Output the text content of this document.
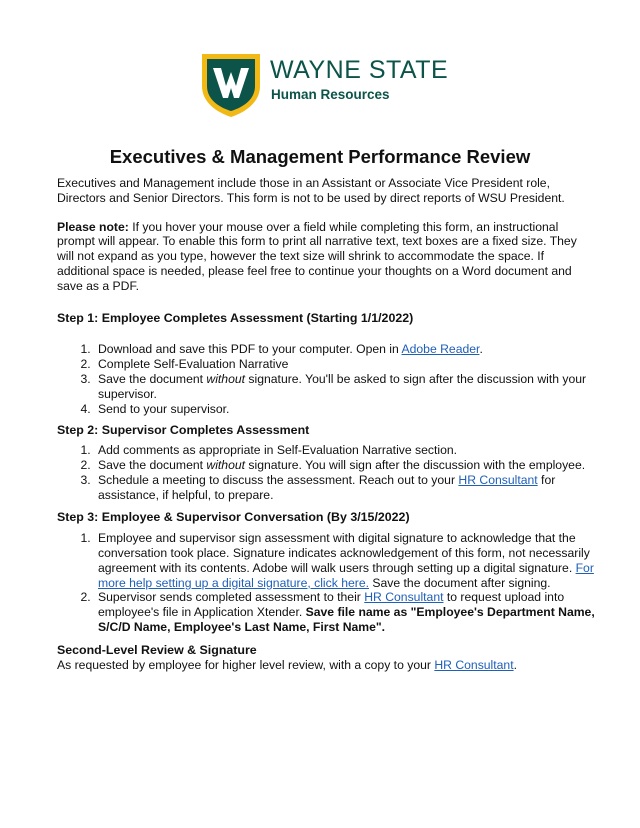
WAYNE STATE
Human Resources
Executives & Management Performance Review

Executives and Management include those in an Assistant or Associate Vice President role, Directors and Senior Directors. This form is not to be used by direct reports of WSU President.

Please note: If you hover your mouse over a field while completing this form, an instructional prompt will appear. To enable this form to print all narrative text, text boxes are a fixed size. They will not expand as you type, however the text size will shrink to accommodate the space. If additional space is needed, please feel free to continue your thoughts on a Word document and save as a PDF.

Step 1: Employee Completes Assessment (Starting 1/1/2022)

1. Download and save this PDF to your computer. Open in Adobe Reader.
2. Complete Self-Evaluation Narrative
3. Save the document without signature. You'll be asked to sign after the discussion with your supervisor.
4. Send to your supervisor.

Step 2: Supervisor Completes Assessment

1. Add comments as appropriate in Self-Evaluation Narrative section.
2. Save the document without signature. You will sign after the discussion with the employee.
3. Schedule a meeting to discuss the assessment. Reach out to your HR Consultant for assistance, if helpful, to prepare.

Step 3: Employee & Supervisor Conversation (By 3/15/2022)

1. Employee and supervisor sign assessment with digital signature to acknowledge that the conversation took place. Signature indicates acknowledgement of this form, not necessarily agreement with its contents. Adobe will walk users through setting up a digital signature. For more help setting up a digital signature, click here. Save the document after signing.
2. Supervisor sends completed assessment to their HR Consultant to request upload into employee's file in Application Xtender. Save file name as "Employee's Department Name, S/C/D Name, Employee's Last Name, First Name".

Second-Level Review & Signature

As requested by employee for higher level review, with a copy to your HR Consultant.
